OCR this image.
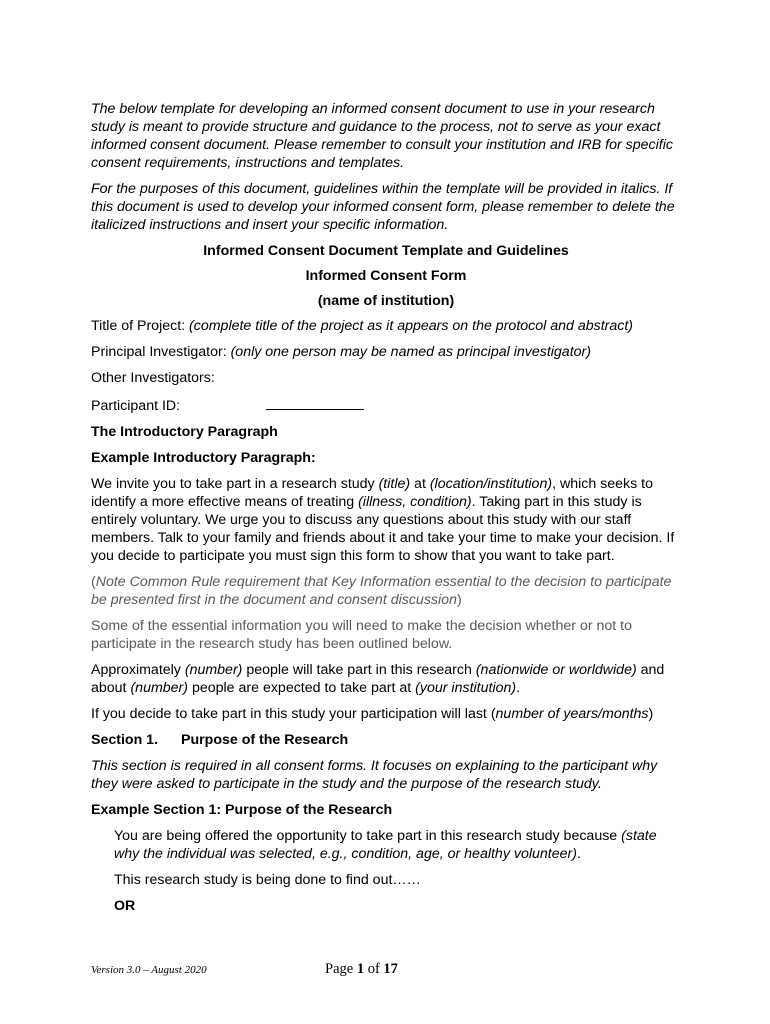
The below template for developing an informed consent document to use in your research study is meant to provide structure and guidance to the process, not to serve as your exact informed consent document. Please remember to consult your institution and IRB for specific consent requirements, instructions and templates.

For the purposes of this document, guidelines within the template will be provided in italics. If this document is used to develop your informed consent form, please remember to delete the italicized instructions and insert your specific information.

Informed Consent Document Template and Guidelines

Informed Consent Form

(name of institution)

Title of Project: (complete title of the project as it appears on the protocol and abstract)

Principal Investigator: (only one person may be named as principal investigator)

Other Investigators:

Participant ID:

The Introductory Paragraph

Example Introductory Paragraph:

We invite you to take part in a research study (title) at (location/institution), which seeks to identify a more effective means of treating (illness, condition). Taking part in this study is entirely voluntary. We urge you to discuss any questions about this study with our staff members. Talk to your family and friends about it and take your time to make your decision. If you decide to participate you must sign this form to show that you want to take part.

(Note Common Rule requirement that Key Information essential to the decision to participate be presented first in the document and consent discussion)

Some of the essential information you will need to make the decision whether or not to participate in the research study has been outlined below.

Approximately (number) people will take part in this research (nationwide or worldwide) and about (number) people are expected to take part at (your institution).

If you decide to take part in this study your participation will last (number of years/months)

Section 1. Purpose of the Research

This section is required in all consent forms. It focuses on explaining to the participant why they were asked to participate in the study and the purpose of the research study.

Example Section 1: Purpose of the Research

You are being offered the opportunity to take part in this research study because (state why the individual was selected, e.g., condition, age, or healthy volunteer).

This research study is being done to find out……

OR

Version 3.0 – August 2020	Page 1 of 17
